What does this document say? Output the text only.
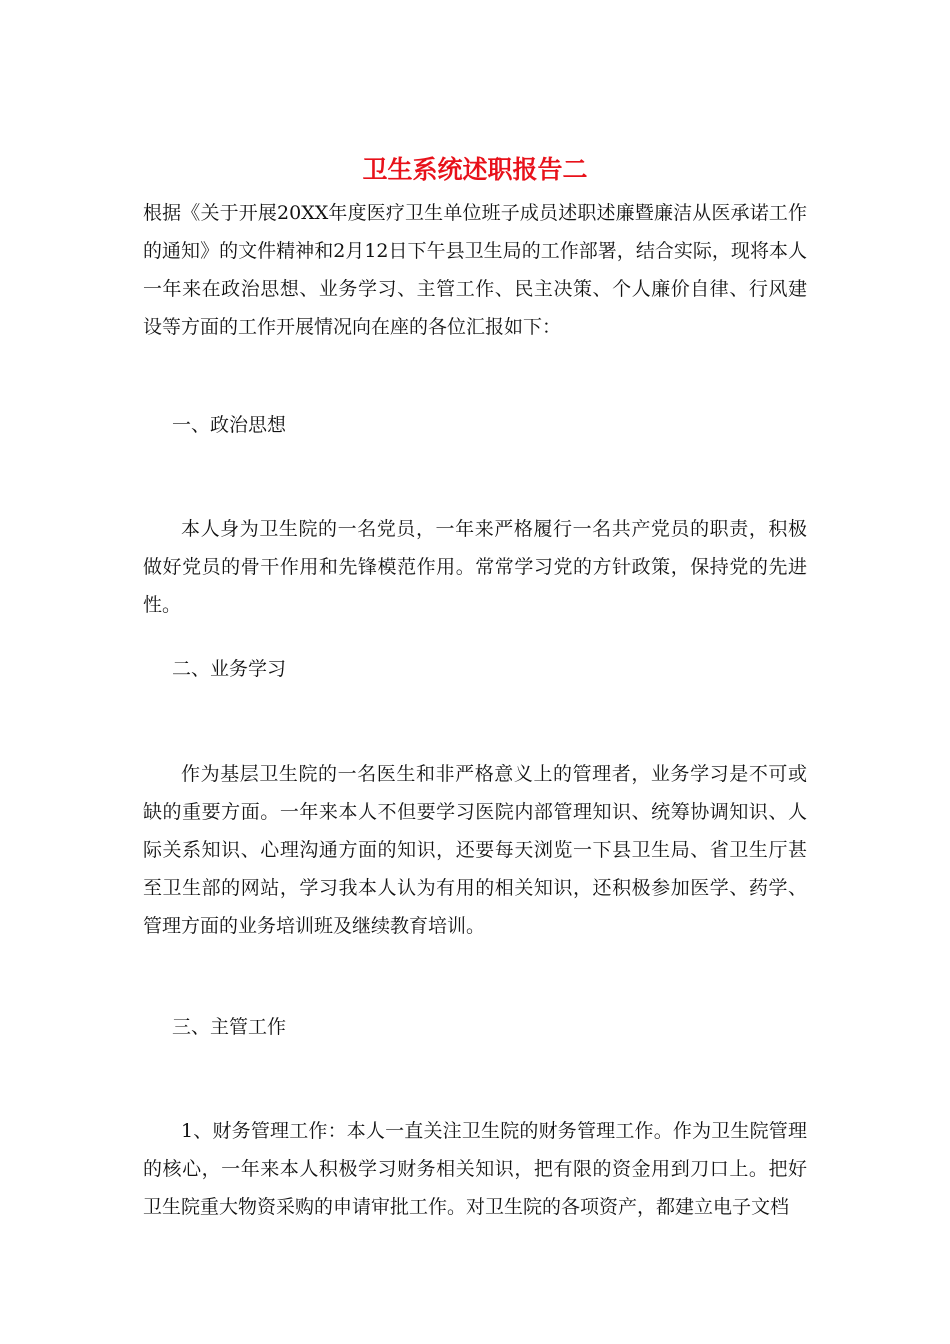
卫生系统述职报告二

根据《关于开展20XX年度医疗卫生单位班子成员述职述廉暨廉洁从医承诺工作的通知》的文件精神和2月12日下午县卫生局的工作部署，结合实际，现将本人一年来在政治思想、业务学习、主管工作、民主决策、个人廉价自律、行风建设等方面的工作开展情况向在座的各位汇报如下：

一、政治思想

本人身为卫生院的一名党员，一年来严格履行一名共产党员的职责，积极做好党员的骨干作用和先锋模范作用。常常学习党的方针政策，保持党的先进性。

二、业务学习

作为基层卫生院的一名医生和非严格意义上的管理者，业务学习是不可或缺的重要方面。一年来本人不但要学习医院内部管理知识、统筹协调知识、人际关系知识、心理沟通方面的知识，还要每天浏览一下县卫生局、省卫生厅甚至卫生部的网站，学习我本人认为有用的相关知识，还积极参加医学、药学、管理方面的业务培训班及继续教育培训。

三、主管工作

1、财务管理工作：本人一直关注卫生院的财务管理工作。作为卫生院管理的核心，一年来本人积极学习财务相关知识，把有限的资金用到刀口上。把好卫生院重大物资采购的申请审批工作。对卫生院的各项资产，都建立电子文档
